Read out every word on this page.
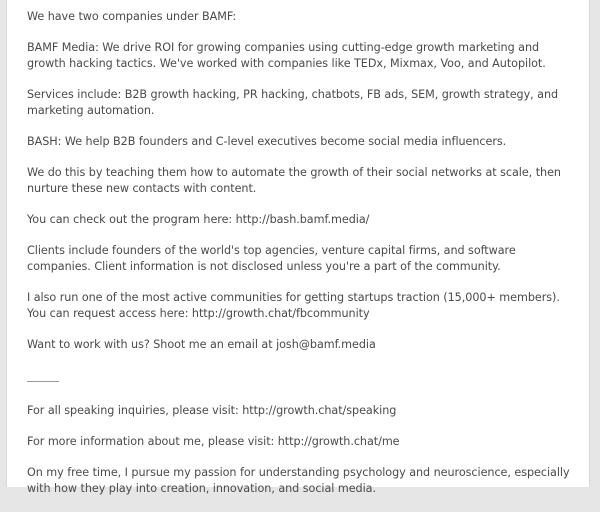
We have two companies under BAMF:

BAMF Media: We drive ROI for growing companies using cutting-edge growth marketing and growth hacking tactics. We've worked with companies like TEDx, Mixmax, Voo, and Autopilot.

Services include: B2B growth hacking, PR hacking, chatbots, FB ads, SEM, growth strategy, and marketing automation.

BASH: We help B2B founders and C-level executives become social media influencers.

We do this by teaching them how to automate the growth of their social networks at scale, then nurture these new contacts with content.

You can check out the program here: http://bash.bamf.media/

Clients include founders of the world's top agencies, venture capital firms, and software companies. Client information is not disclosed unless you're a part of the community.

I also run one of the most active communities for getting startups traction (15,000+ members). You can request access here: http://growth.chat/fbcommunity

Want to work with us? Shoot me an email at josh@bamf.media

For all speaking inquiries, please visit: http://growth.chat/speaking

For more information about me, please visit: http://growth.chat/me

On my free time, I pursue my passion for understanding psychology and neuroscience, especially with how they play into creation, innovation, and social media.
